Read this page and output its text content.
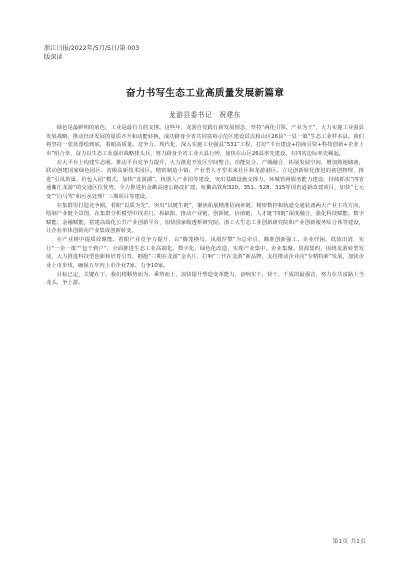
浙江日报/2022年/5月/5日/第 003
版深读
奋力书写生态工业高质量发展新篇章
龙游县委书记　祝建东

绿色是最鲜明的底色，工业是最有力的支撑。这些年，龙游自觉践行新发展理念，坚持“两化引领、产业为王”，大力实施工业强县发展战略，推动经济发展的量质齐升和动能转换，成功跻身全省共同富裕示范区建设试点和山区26县“一县一策”生态工业样本县。我们将坚持一张蓝图绘到底，着眼高质量、竞争力、现代化，深入实施工业强县“531”工程，打好“平台建设+招商引资+科技创新+企业上市”组合拳，奋力以生态工业强市战略排头兵，努力跻身全省工业大县行列，加快在山区26县率先建设、在四省边际率先崛起。

在大平台上构建生态圈。推动平台竞争力提升，大力推进开发区空间整合、功能复合、产城融合，拓展发展空间，增加熟地储备，联动创建国家绿色园区、省级高新技术园区。精密制造小镇、产业型人才型未来社区和龙游港区、立足创新转化推进的初创物理，推进“引凤筑巢、价包入园”模式，加快“龙游湖”、机器人产业园等建设，突出基础设施支撑力，环城管网服务能力建设，持续抓实“四省通衢汇龙游”的交通区位优势，全力推进杭金衢高速公路改扩建、杭衢高铁和320、351、528、315等国省道新改建项目，加快“七元变”“白马驾”和污水处理厂三期项目等建设。

在集群里打造竞争圈。着眼“以质为先”，突出“以链生链”，聚焦拓展精准招商补链、精密数控和轨道交通装备两大产业主攻方向，绘制产业链全景图，在集群分析模型中找差门、拆缺陷，推动产业链、创新链、价值链、人才链“四链”深度融合，强化科技赋能、数字赋能、金融赋能，搭建高端化公共产业创新平台，加快国家级透析研究院、浙工大生态工业创新研究院和产业创新服务综合体等建设，让企业单体创新向产业集成创新转变。

在产业树中提质效聚能。着眼产业竞争力提升，以“腾笼换鸟、凤凰涅槃”为总牵引，瞄准创新强工、企业纾困、低效出清，实行“一企一策”“包干到户”，全面推进生态工业高端化、数字化、绿色化改造，实现产业集中、企业集聚、资源集约，围绕龙游转型发展，大力推进科技型创新和培育引育，拥抱“三期在龙游”金名片，打响“二代在龙游”新品牌，支持推动企业向“专精特新”发展，加快企业上市步伐，确保五年内上市企业7家、力争10家。

目标已定，关键在干。我们将顺势而为、乘势而上，加快提升塑造变革能力，奋响实干、快干、干成的最强音，努力在共富路上当龙头、争上游。

第1页 共1页
